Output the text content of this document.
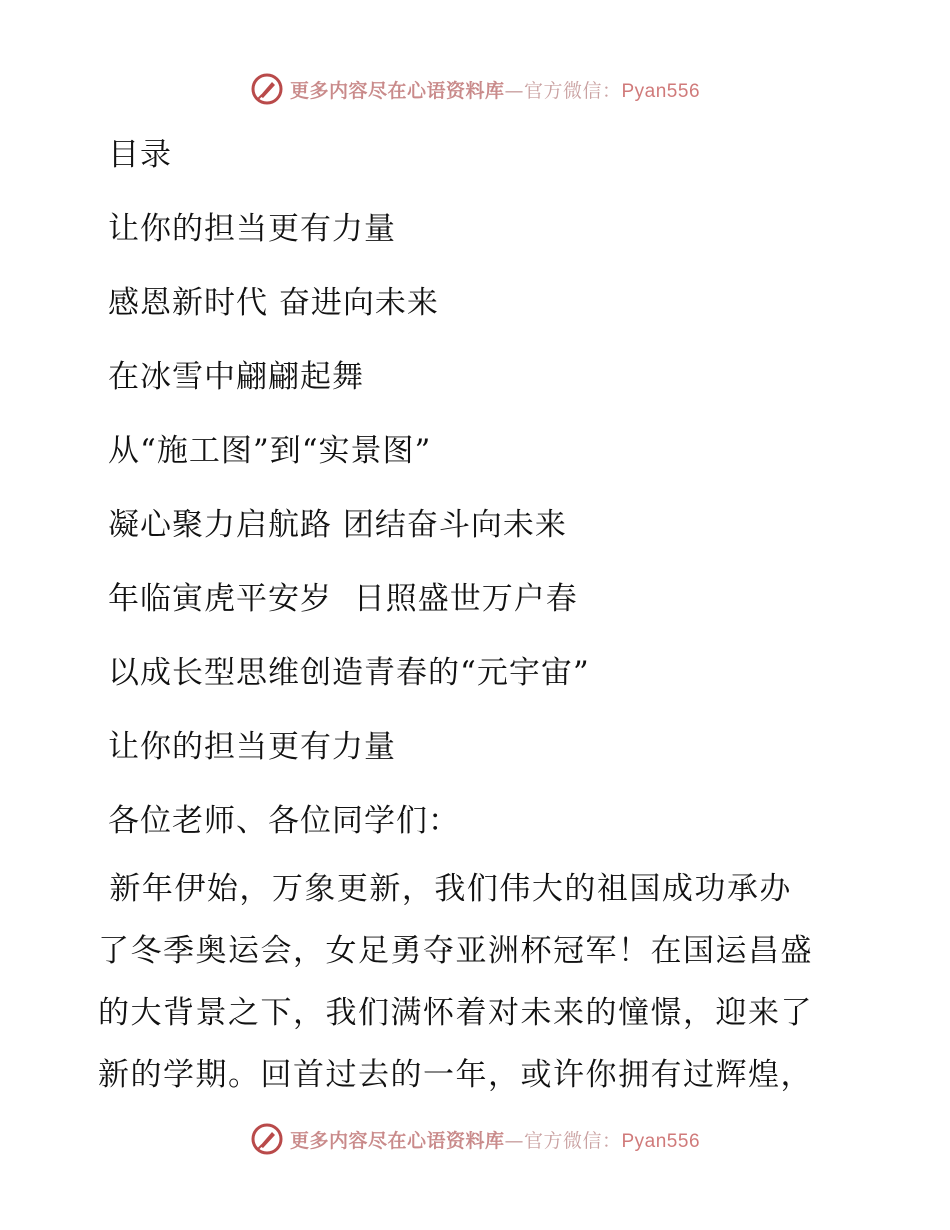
更多内容尽在心语资料库—官方微信：Pyan556
目录
让你的担当更有力量
感恩新时代 奋进向未来
在冰雪中翩翩起舞
从“施工图”到“实景图”
凝心聚力启航路 团结奋斗向未来
年临寅虎平安岁  日照盛世万户春
以成长型思维创造青春的“元宇宙”
让你的担当更有力量
各位老师、各位同学们：
新年伊始，万象更新，我们伟大的祖国成功承办
了冬季奥运会，女足勇夺亚洲杯冠军！在国运昌盛
的大背景之下，我们满怀着对未来的憧憬，迎来了
新的学期。回首过去的一年，或许你拥有过辉煌，
更多内容尽在心语资料库—官方微信：Pyan556
